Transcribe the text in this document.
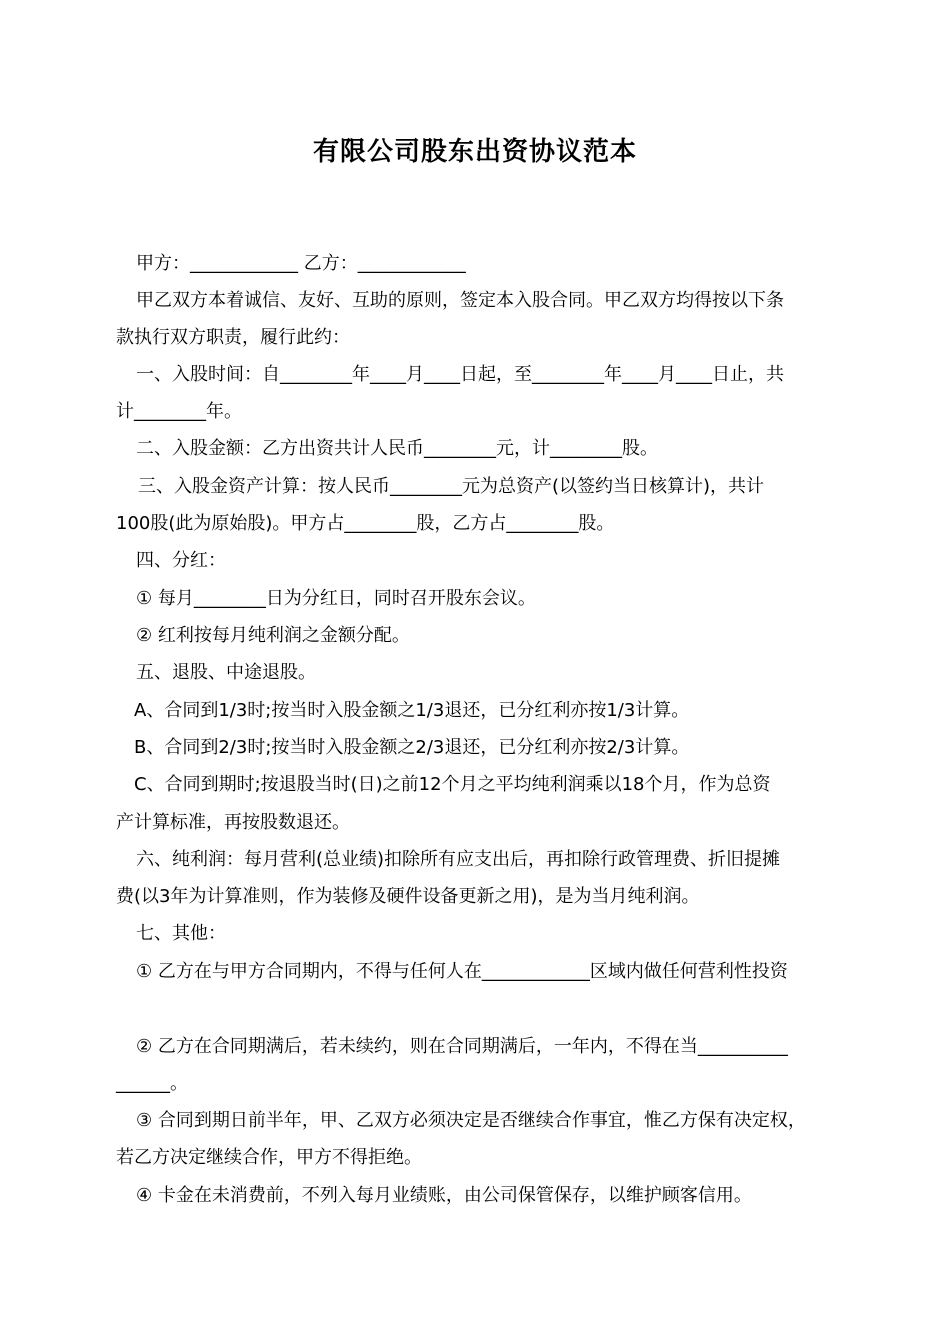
有限公司股东出资协议范本
甲方：____________ 乙方：____________
甲乙双方本着诚信、友好、互助的原则，签定本入股合同。甲乙双方均得按以下条
款执行双方职责，履行此约：
一、入股时间：自________年____月____日起，至________年____月____日止，共
计________年。
二、入股金额：乙方出资共计人民币________元，计________股。
三、入股金资产计算：按人民币________元为总资产(以签约当日核算计)，共计
100股(此为原始股)。甲方占________股，乙方占________股。
四、分红：
① 每月________日为分红日，同时召开股东会议。
② 红利按每月纯利润之金额分配。
五、退股、中途退股。
A、合同到1/3时;按当时入股金额之1/3退还，已分红利亦按1/3计算。
B、合同到2/3时;按当时入股金额之2/3退还，已分红利亦按2/3计算。
C、合同到期时;按退股当时(日)之前12个月之平均纯利润乘以18个月，作为总资
产计算标准，再按股数退还。
六、纯利润：每月营利(总业绩)扣除所有应支出后，再扣除行政管理费、折旧提摊
费(以3年为计算准则，作为装修及硬件设备更新之用)，是为当月纯利润。
七、其他：
① 乙方在与甲方合同期内，不得与任何人在____________区域内做任何营利性投资
② 乙方在合同期满后，若未续约，则在合同期满后，一年内，不得在当__________
______。
③ 合同到期日前半年，甲、乙双方必须决定是否继续合作事宜，惟乙方保有决定权，
若乙方决定继续合作，甲方不得拒绝。
④ 卡金在未消费前，不列入每月业绩账，由公司保管保存，以维护顾客信用。
